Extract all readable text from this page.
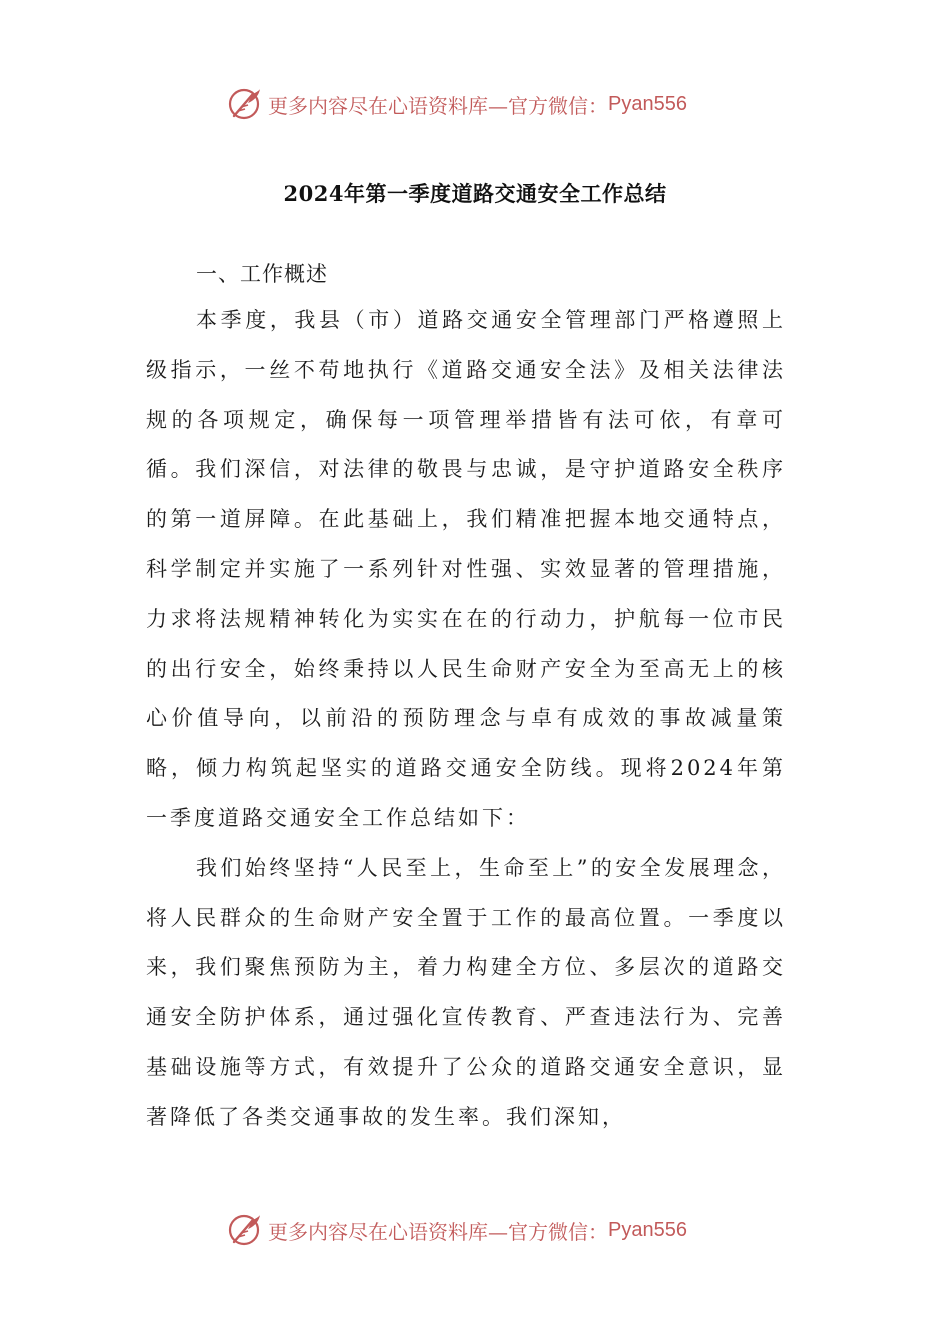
更多内容尽在心语资料库—官方微信： Pyan556
2024年第一季度道路交通安全工作总结
一、工作概述

本季度，我县（市）道路交通安全管理部门严格遵照上级指示，一丝不苟地执行《道路交通安全法》及相关法律法规的各项规定，确保每一项管理举措皆有法可依，有章可循。我们深信，对法律的敬畏与忠诚，是守护道路安全秩序的第一道屏障。在此基础上，我们精准把握本地交通特点，科学制定并实施了一系列针对性强、实效显著的管理措施，力求将法规精神转化为实实在在的行动力，护航每一位市民的出行安全，始终秉持以人民生命财产安全为至高无上的核心价值导向，以前沿的预防理念与卓有成效的事故减量策略，倾力构筑起坚实的道路交通安全防线。现将2024年第一季度道路交通安全工作总结如下：

我们始终坚持“人民至上，生命至上”的安全发展理念，将人民群众的生命财产安全置于工作的最高位置。一季度以来，我们聚焦预防为主，着力构建全方位、多层次的道路交通安全防护体系，通过强化宣传教育、严查违法行为、完善基础设施等方式，有效提升了公众的道路交通安全意识，显著降低了各类交通事故的发生率。我们深知，

更多内容尽在心语资料库—官方微信： Pyan556
